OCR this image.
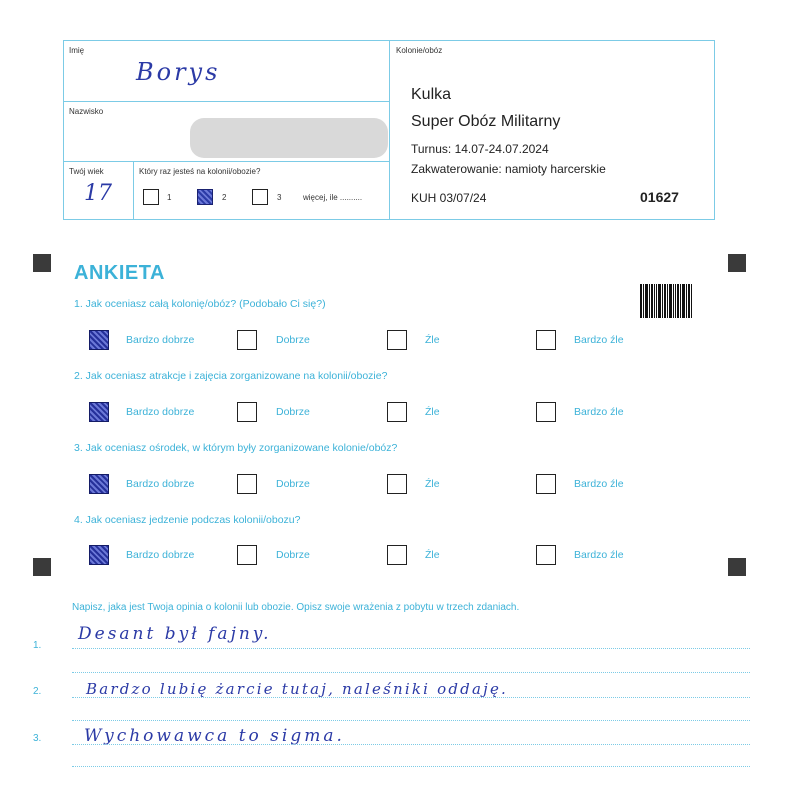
Imię
Borys
Nazwisko
Twój wiek
17
Który raz jesteś na kolonii/obozie?
1	2	3	więcej, ile ..........
Kolonie/obóz
Kulka
Super Obóz Militarny
Turnus: 14.07-24.07.2024
Zakwaterowanie: namioty harcerskie
KUH 03/07/24	01627
ANKIETA
1. Jak oceniasz całą kolonię/obóz? (Podobało Ci się?)
Bardzo dobrze	Dobrze	Źle	Bardzo źle
2. Jak oceniasz atrakcje i zajęcia zorganizowane na kolonii/obozie?
Bardzo dobrze	Dobrze	Źle	Bardzo źle
3. Jak oceniasz ośrodek, w którym były zorganizowane kolonie/obóz?
Bardzo dobrze	Dobrze	Źle	Bardzo źle
4. Jak oceniasz jedzenie podczas kolonii/obozu?
Bardzo dobrze	Dobrze	Źle	Bardzo źle
Napisz, jaka jest Twoja opinia o kolonii lub obozie. Opisz swoje wrażenia z pobytu w trzech zdaniach.
1.
Desant był fajny.
2.	Bardzo lubię żarcie tutaj, naleśniki oddaję.
3.	Wychowawca to sigma.
